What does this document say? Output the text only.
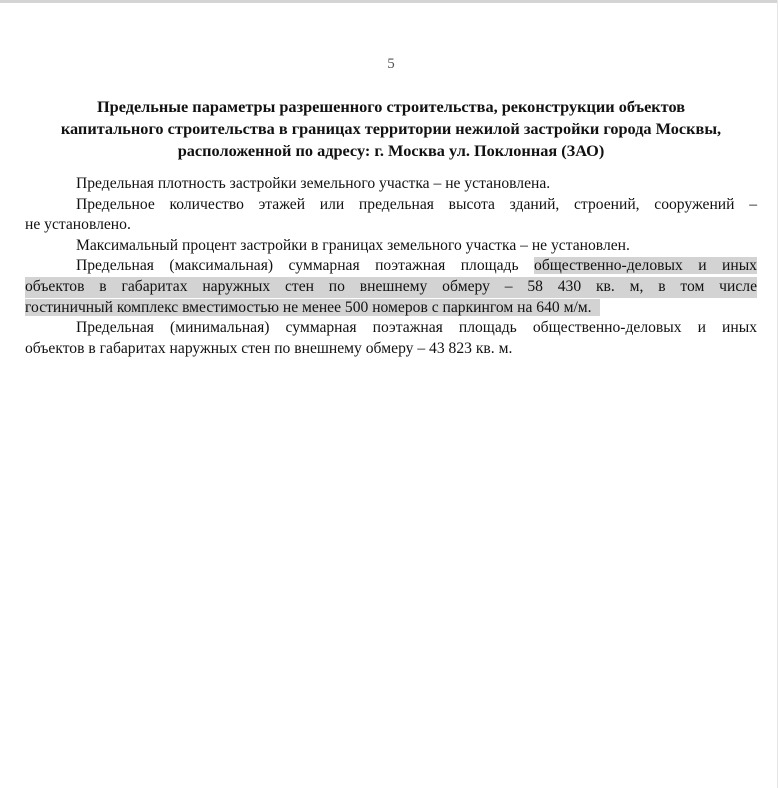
5
Предельные параметры разрешенного строительства, реконструкции объектов
капитального строительства в границах территории нежилой застройки города Москвы,
расположенной по адресу: г. Москва ул. Поклонная (ЗАО)

Предельная плотность застройки земельного участка – не установлена.

Предельное количество этажей или предельная высота зданий, строений, сооружений –
не установлено.

Максимальный процент застройки в границах земельного участка – не установлен.

Предельная (максимальная) суммарная поэтажная площадь общественно-деловых и иных
объектов в габаритах наружных стен по внешнему обмеру – 58 430 кв. м, в том числе
гостиничный комплекс вместимостью не менее 500 номеров с паркингом на 640 м/м.

Предельная (минимальная) суммарная поэтажная площадь общественно-деловых и иных
объектов в габаритах наружных стен по внешнему обмеру – 43 823 кв. м.
